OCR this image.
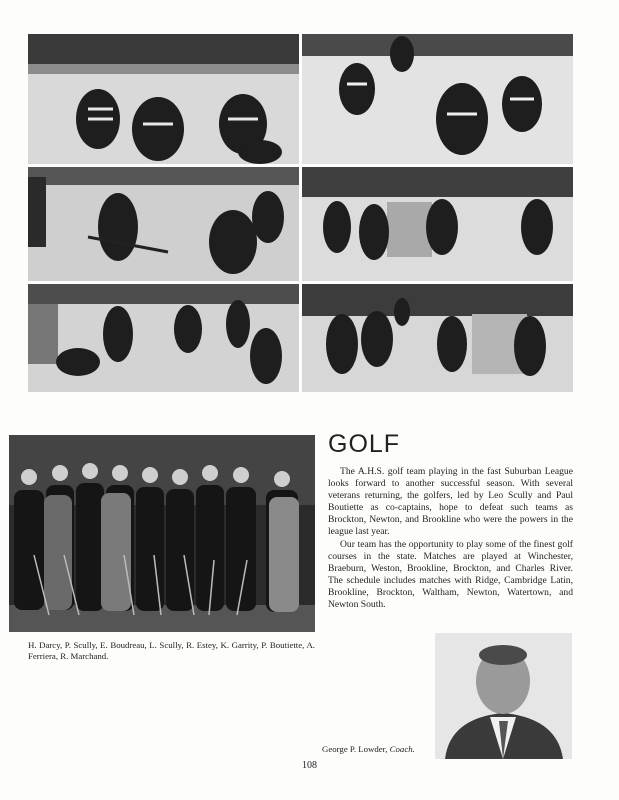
GOLF

The A.H.S. golf team playing in the fast Suburban League looks forward to another successful season. With several veterans returning, the golfers, led by Leo Scully and Paul Boutiette as co-captains, hope to defeat such teams as Brockton, Newton, and Brookline who were the powers in the league last year.

Our team has the opportunity to play some of the finest golf courses in the state. Matches are played at Winchester, Braeburn, Weston, Brookline, Brockton, and Charles River. The schedule includes matches with Ridge, Cambridge Latin, Brookline, Brockton, Waltham, Newton, Watertown, and Newton South.

H. Darcy, P. Scully, E. Boudreau, L. Scully, R. Estey, K. Garrity, P. Boutiette, A. Ferriera, R. Marchand.
George P. Lowder, Coach.
108
